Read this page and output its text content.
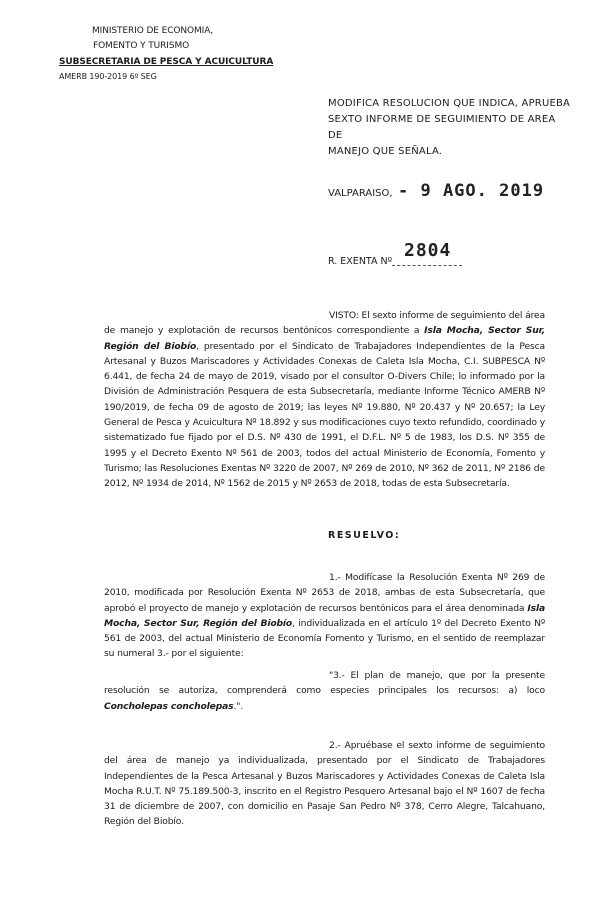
MINISTERIO DE ECONOMIA,
FOMENTO Y TURISMO
SUBSECRETARIA DE PESCA Y ACUICULTURA
AMERB 190-2019 6º SEG
MODIFICA RESOLUCION QUE INDICA, APRUEBA
SEXTO INFORME DE SEGUIMIENTO DE AREA DE
MANEJO QUE SEÑALA.
VALPARAISO, - 9 AGO. 2019
R. EXENTA Nº
2804
VISTO: El sexto informe de seguimiento del área de manejo y explotación de recursos bentónicos correspondiente a Isla Mocha, Sector Sur, Región del Biobío, presentado por el Sindicato de Trabajadores Independientes de la Pesca Artesanal y Buzos Mariscadores y Actividades Conexas de Caleta Isla Mocha, C.I. SUBPESCA Nº 6.441, de fecha 24 de mayo de 2019, visado por el consultor O-Divers Chile; lo informado por la División de Administración Pesquera de esta Subsecretaría, mediante Informe Técnico AMERB Nº 190/2019, de fecha 09 de agosto de 2019; las leyes Nº 19.880, Nº 20.437 y Nº 20.657; la Ley General de Pesca y Acuicultura Nº 18.892 y sus modificaciones cuyo texto refundido, coordinado y sistematizado fue fijado por el D.S. Nº 430 de 1991, el D.F.L. Nº 5 de 1983, los D.S. Nº 355 de 1995 y el Decreto Exento Nº 561 de 2003, todos del actual Ministerio de Economía, Fomento y Turismo; las Resoluciones Exentas Nº 3220 de 2007, Nº 269 de 2010, Nº 362 de 2011, Nº 2186 de 2012, Nº 1934 de 2014, Nº 1562 de 2015 y Nº 2653 de 2018, todas de esta Subsecretaría.
RESUELVO:
1.- Modifícase la Resolución Exenta Nº 269 de 2010, modificada por Resolución Exenta Nº 2653 de 2018, ambas de esta Subsecretaría, que aprobó el proyecto de manejo y explotación de recursos bentónicos para el área denominada Isla Mocha, Sector Sur, Región del Biobío, individualizada en el artículo 1º del Decreto Exento Nº 561 de 2003, del actual Ministerio de Economía Fomento y Turismo, en el sentido de reemplazar su numeral 3.- por el siguiente:
"3.- El plan de manejo, que por la presente resolución se autoriza, comprenderá como especies principales los recursos: a) loco Concholepas concholepas.".
2.- Apruébase el sexto informe de seguimiento del área de manejo ya individualizada, presentado por el Sindicato de Trabajadores Independientes de la Pesca Artesanal y Buzos Mariscadores y Actividades Conexas de Caleta Isla Mocha R.U.T. Nº 75.189.500-3, inscrito en el Registro Pesquero Artesanal bajo el Nº 1607 de fecha 31 de diciembre de 2007, con domicilio en Pasaje San Pedro Nº 378, Cerro Alegre, Talcahuano, Región del Biobío.
